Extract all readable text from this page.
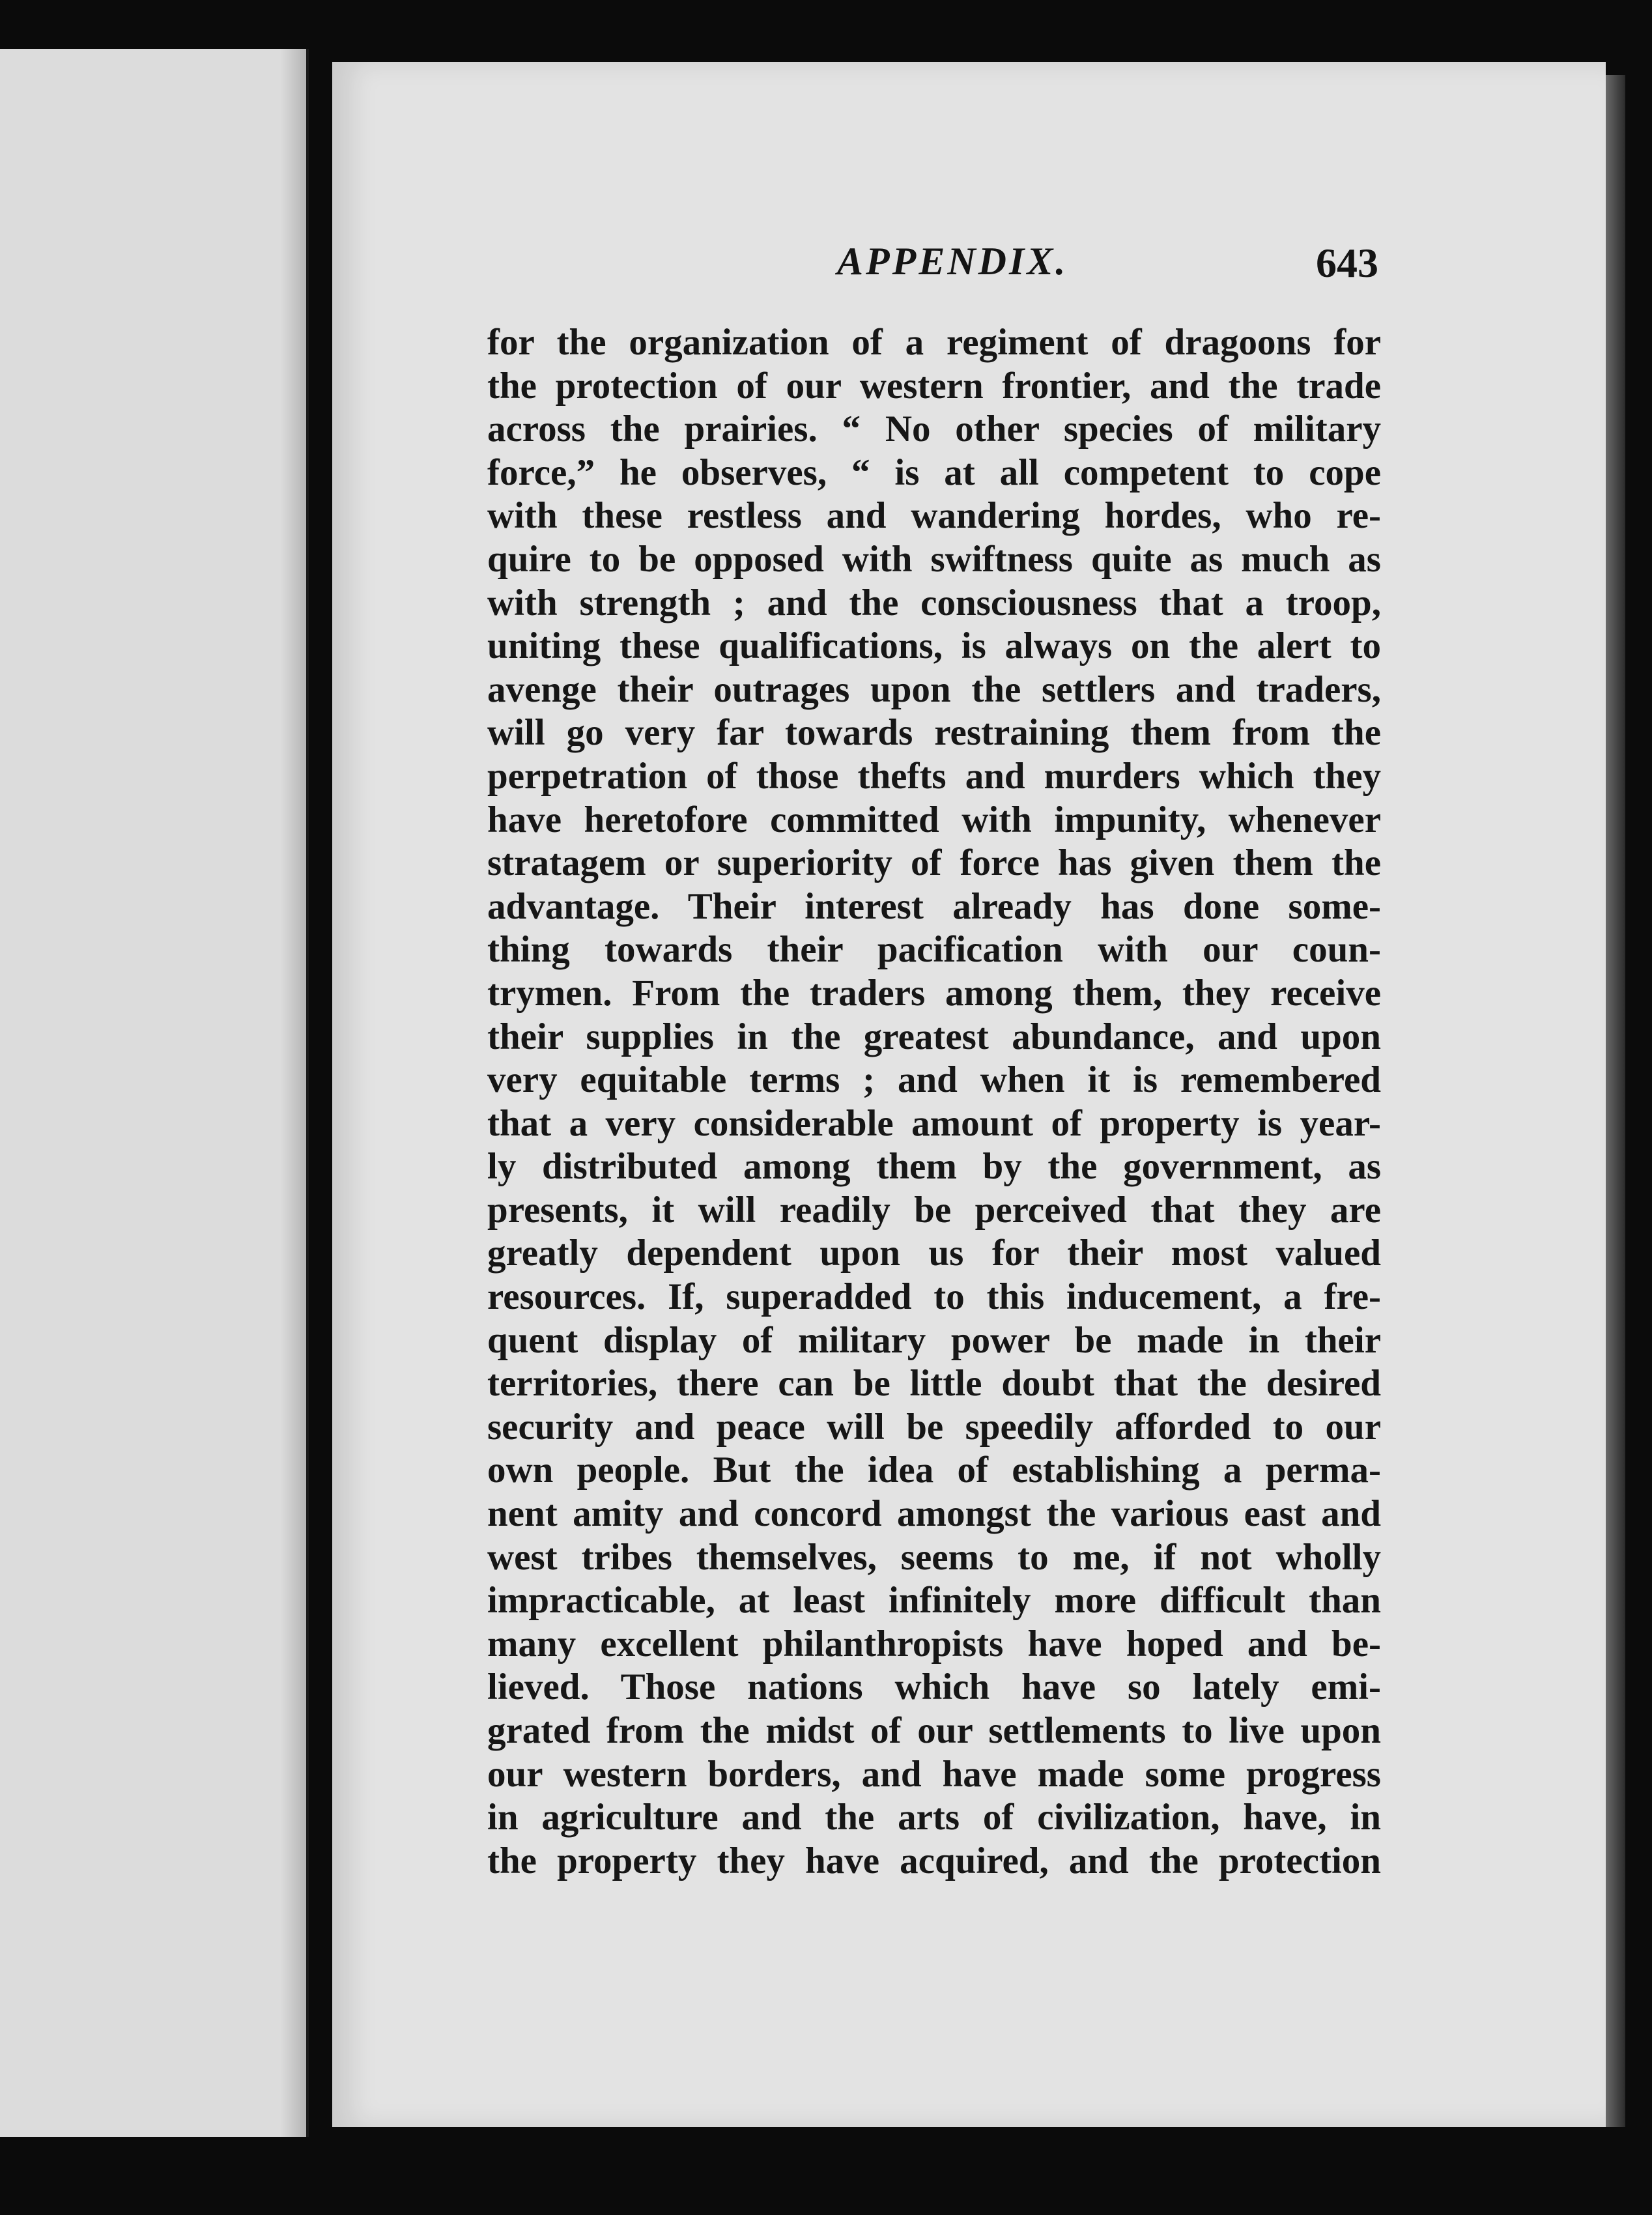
APPENDIX.	643
for the organization of a regiment of dragoons for
the protection of our western frontier, and the trade
across the prairies. “ No other species of military
force,” he observes, “ is at all competent to cope
with these restless and wandering hordes, who re-
quire to be opposed with swiftness quite as much as
with strength ; and the consciousness that a troop,
uniting these qualifications, is always on the alert to
avenge their outrages upon the settlers and traders,
will go very far towards restraining them from the
perpetration of those thefts and murders which they
have heretofore committed with impunity, whenever
stratagem or superiority of force has given them the
advantage. Their interest already has done some-
thing towards their pacification with our coun-
trymen. From the traders among them, they receive
their supplies in the greatest abundance, and upon
very equitable terms ; and when it is remembered
that a very considerable amount of property is year-
ly distributed among them by the government, as
presents, it will readily be perceived that they are
greatly dependent upon us for their most valued
resources. If, superadded to this inducement, a fre-
quent display of military power be made in their
territories, there can be little doubt that the desired
security and peace will be speedily afforded to our
own people. But the idea of establishing a perma-
nent amity and concord amongst the various east and
west tribes themselves, seems to me, if not wholly
impracticable, at least infinitely more difficult than
many excellent philanthropists have hoped and be-
lieved. Those nations which have so lately emi-
grated from the midst of our settlements to live upon
our western borders, and have made some progress
in agriculture and the arts of civilization, have, in
the property they have acquired, and the protection
